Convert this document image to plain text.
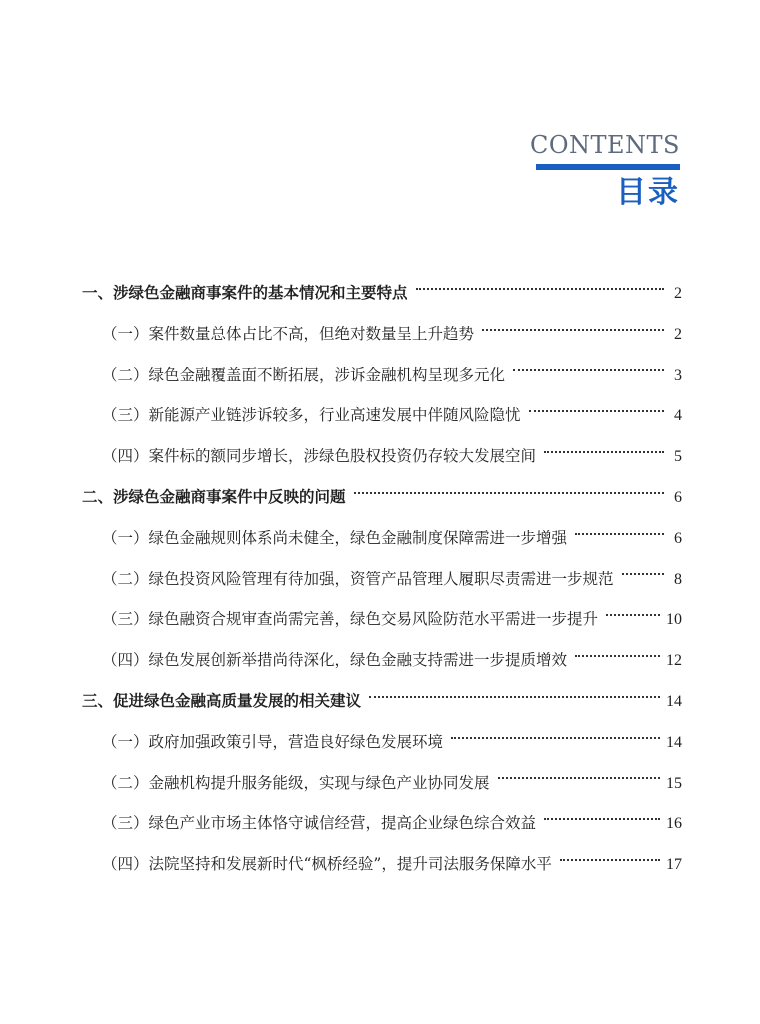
CONTENTS
目录
一、涉绿色金融商事案件的基本情况和主要特点	2
（一）案件数量总体占比不高，但绝对数量呈上升趋势	2
（二）绿色金融覆盖面不断拓展，涉诉金融机构呈现多元化	3
（三）新能源产业链涉诉较多，行业高速发展中伴随风险隐忧	4
（四）案件标的额同步增长，涉绿色股权投资仍存较大发展空间	5
二、涉绿色金融商事案件中反映的问题	6
（一）绿色金融规则体系尚未健全，绿色金融制度保障需进一步增强	6
（二）绿色投资风险管理有待加强，资管产品管理人履职尽责需进一步规范	8
（三）绿色融资合规审查尚需完善，绿色交易风险防范水平需进一步提升	10
（四）绿色发展创新举措尚待深化，绿色金融支持需进一步提质增效	12
三、促进绿色金融高质量发展的相关建议	14
（一）政府加强政策引导，营造良好绿色发展环境	14
（二）金融机构提升服务能级，实现与绿色产业协同发展	15
（三）绿色产业市场主体恪守诚信经营，提高企业绿色综合效益	16
（四）法院坚持和发展新时代“枫桥经验”，提升司法服务保障水平	17
